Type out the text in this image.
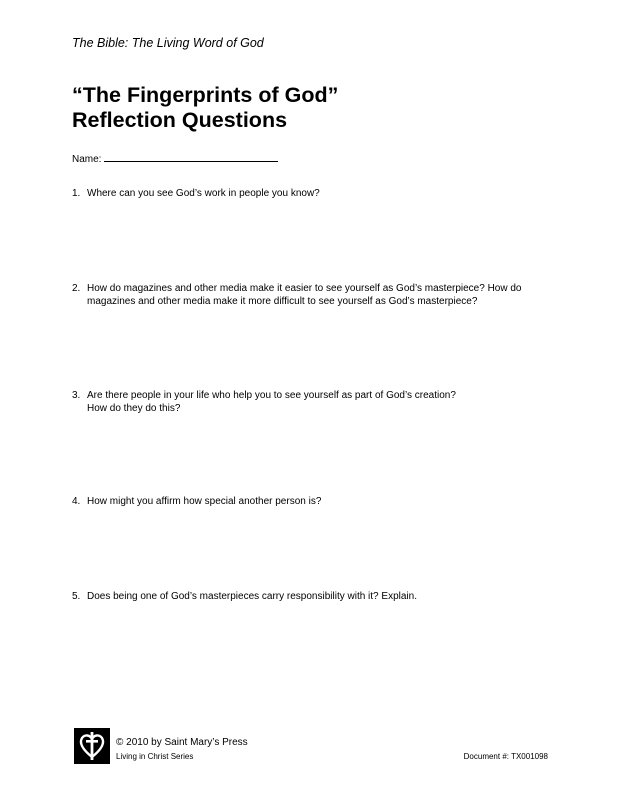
The Bible: The Living Word of God
“The Fingerprints of God”
Reflection Questions
Name:
1. Where can you see God’s work in people you know?
2. How do magazines and other media make it easier to see yourself as God’s masterpiece? How do magazines and other media make it more difficult to see yourself as God’s masterpiece?
3. Are there people in your life who help you to see yourself as part of God’s creation?
How do they do this?
4. How might you affirm how special another person is?
5. Does being one of God’s masterpieces carry responsibility with it? Explain.
© 2010 by Saint Mary’s Press
Living in Christ Series	Document #: TX001098
